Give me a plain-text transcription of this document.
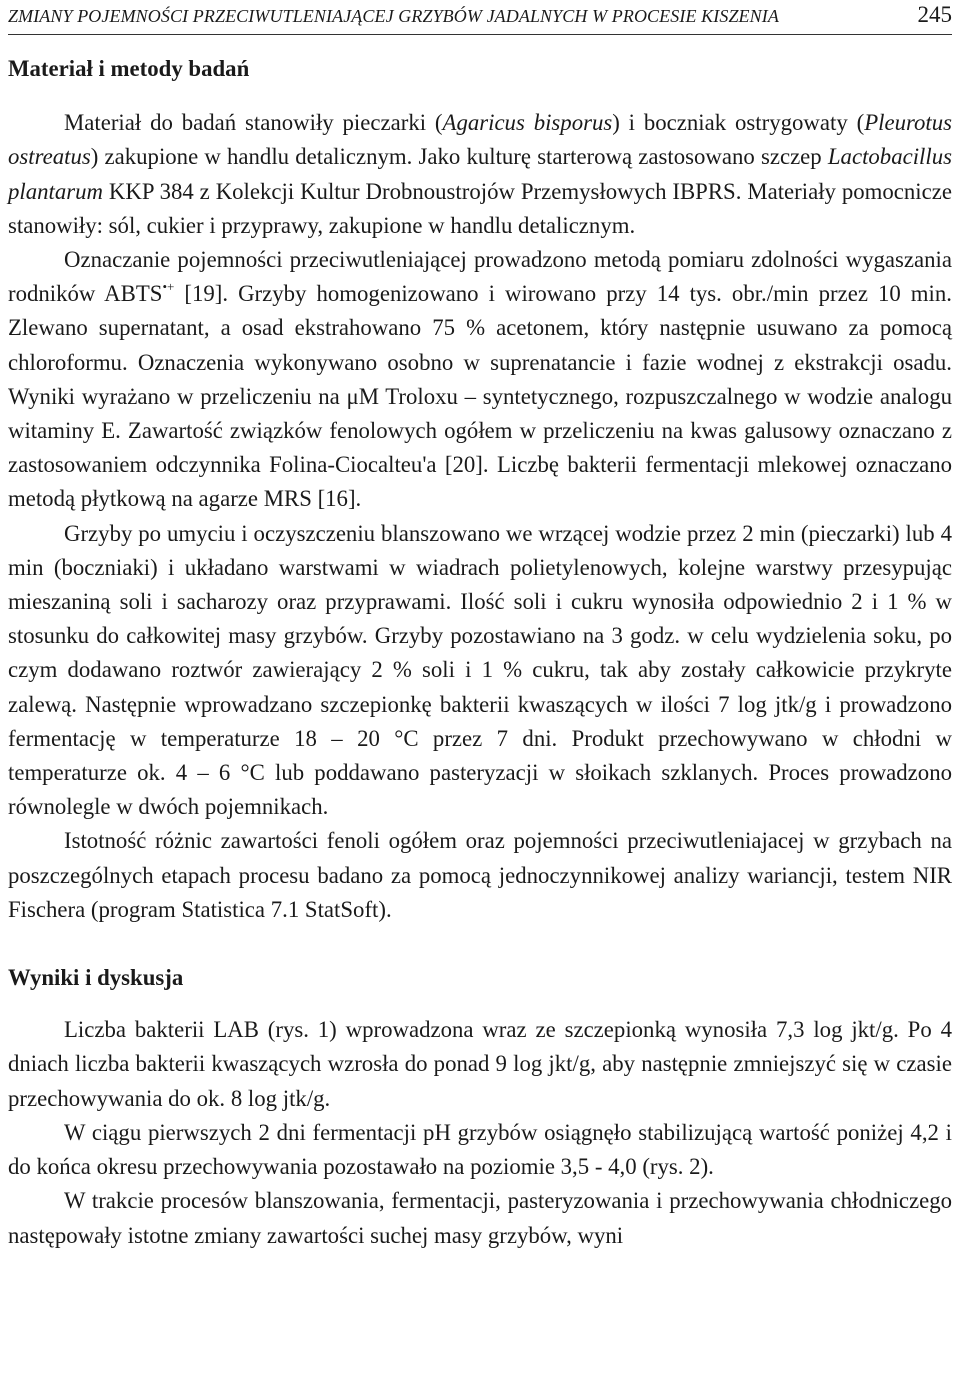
ZMIANY POJEMNOŚCI PRZECIWUTLENIAJĄCEJ GRZYBÓW JADALNYCH W PROCESIE KISZENIA	245
Materiał i metody badań

Materiał do badań stanowiły pieczarki (Agaricus bisporus) i boczniak ostrygowaty (Pleurotus ostreatus) zakupione w handlu detalicznym. Jako kulturę starterową zastosowano szczep Lactobacillus plantarum KKP 384 z Kolekcji Kultur Drobnoustrojów Przemysłowych IBPRS. Materiały pomocnicze stanowiły: sól, cukier i przyprawy, zakupione w handlu detalicznym.

Oznaczanie pojemności przeciwutleniającej prowadzono metodą pomiaru zdolności wygaszania rodników ABTS•+ [19]. Grzyby homogenizowano i wirowano przy 14 tys. obr./min przez 10 min. Zlewano supernatant, a osad ekstrahowano 75 % acetonem, który następnie usuwano za pomocą chloroformu. Oznaczenia wykonywano osobno w suprenatancie i fazie wodnej z ekstrakcji osadu. Wyniki wyrażano w przeliczeniu na μM Troloxu – syntetycznego, rozpuszczalnego w wodzie analogu witaminy E. Zawartość związków fenolowych ogółem w przeliczeniu na kwas galusowy oznaczano z zastosowaniem odczynnika Folina-Ciocalteu'a [20]. Liczbę bakterii fermentacji mlekowej oznaczano metodą płytkową na agarze MRS [16].

Grzyby po umyciu i oczyszczeniu blanszowano we wrzącej wodzie przez 2 min (pieczarki) lub 4 min (boczniaki) i układano warstwami w wiadrach polietylenowych, kolejne warstwy przesypując mieszaniną soli i sacharozy oraz przyprawami. Ilość soli i cukru wynosiła odpowiednio 2 i 1 % w stosunku do całkowitej masy grzybów. Grzyby pozostawiano na 3 godz. w celu wydzielenia soku, po czym dodawano roztwór zawierający 2 % soli i 1 % cukru, tak aby zostały całkowicie przykryte zalewą. Następnie wprowadzano szczepionkę bakterii kwaszących w ilości 7 log jtk/g i prowadzono fermentację w temperaturze 18 – 20 °C przez 7 dni. Produkt przechowywano w chłodni w temperaturze ok. 4 – 6 °C lub poddawano pasteryzacji w słoikach szklanych. Proces prowadzono równolegle w dwóch pojemnikach.

Istotność różnic zawartości fenoli ogółem oraz pojemności przeciwutleniajacej w grzybach na poszczególnych etapach procesu badano za pomocą jednoczynnikowej analizy wariancji, testem NIR Fischera (program Statistica 7.1 StatSoft).

Wyniki i dyskusja

Liczba bakterii LAB (rys. 1) wprowadzona wraz ze szczepionką wynosiła 7,3 log jkt/g. Po 4 dniach liczba bakterii kwaszących wzrosła do ponad 9 log jkt/g, aby następnie zmniejszyć się w czasie przechowywania do ok. 8 log jtk/g.

W ciągu pierwszych 2 dni fermentacji pH grzybów osiągnęło stabilizującą wartość poniżej 4,2 i do końca okresu przechowywania pozostawało na poziomie 3,5 - 4,0 (rys. 2).

W trakcie procesów blanszowania, fermentacji, pasteryzowania i przechowywania chłodniczego następowały istotne zmiany zawartości suchej masy grzybów, wyni
